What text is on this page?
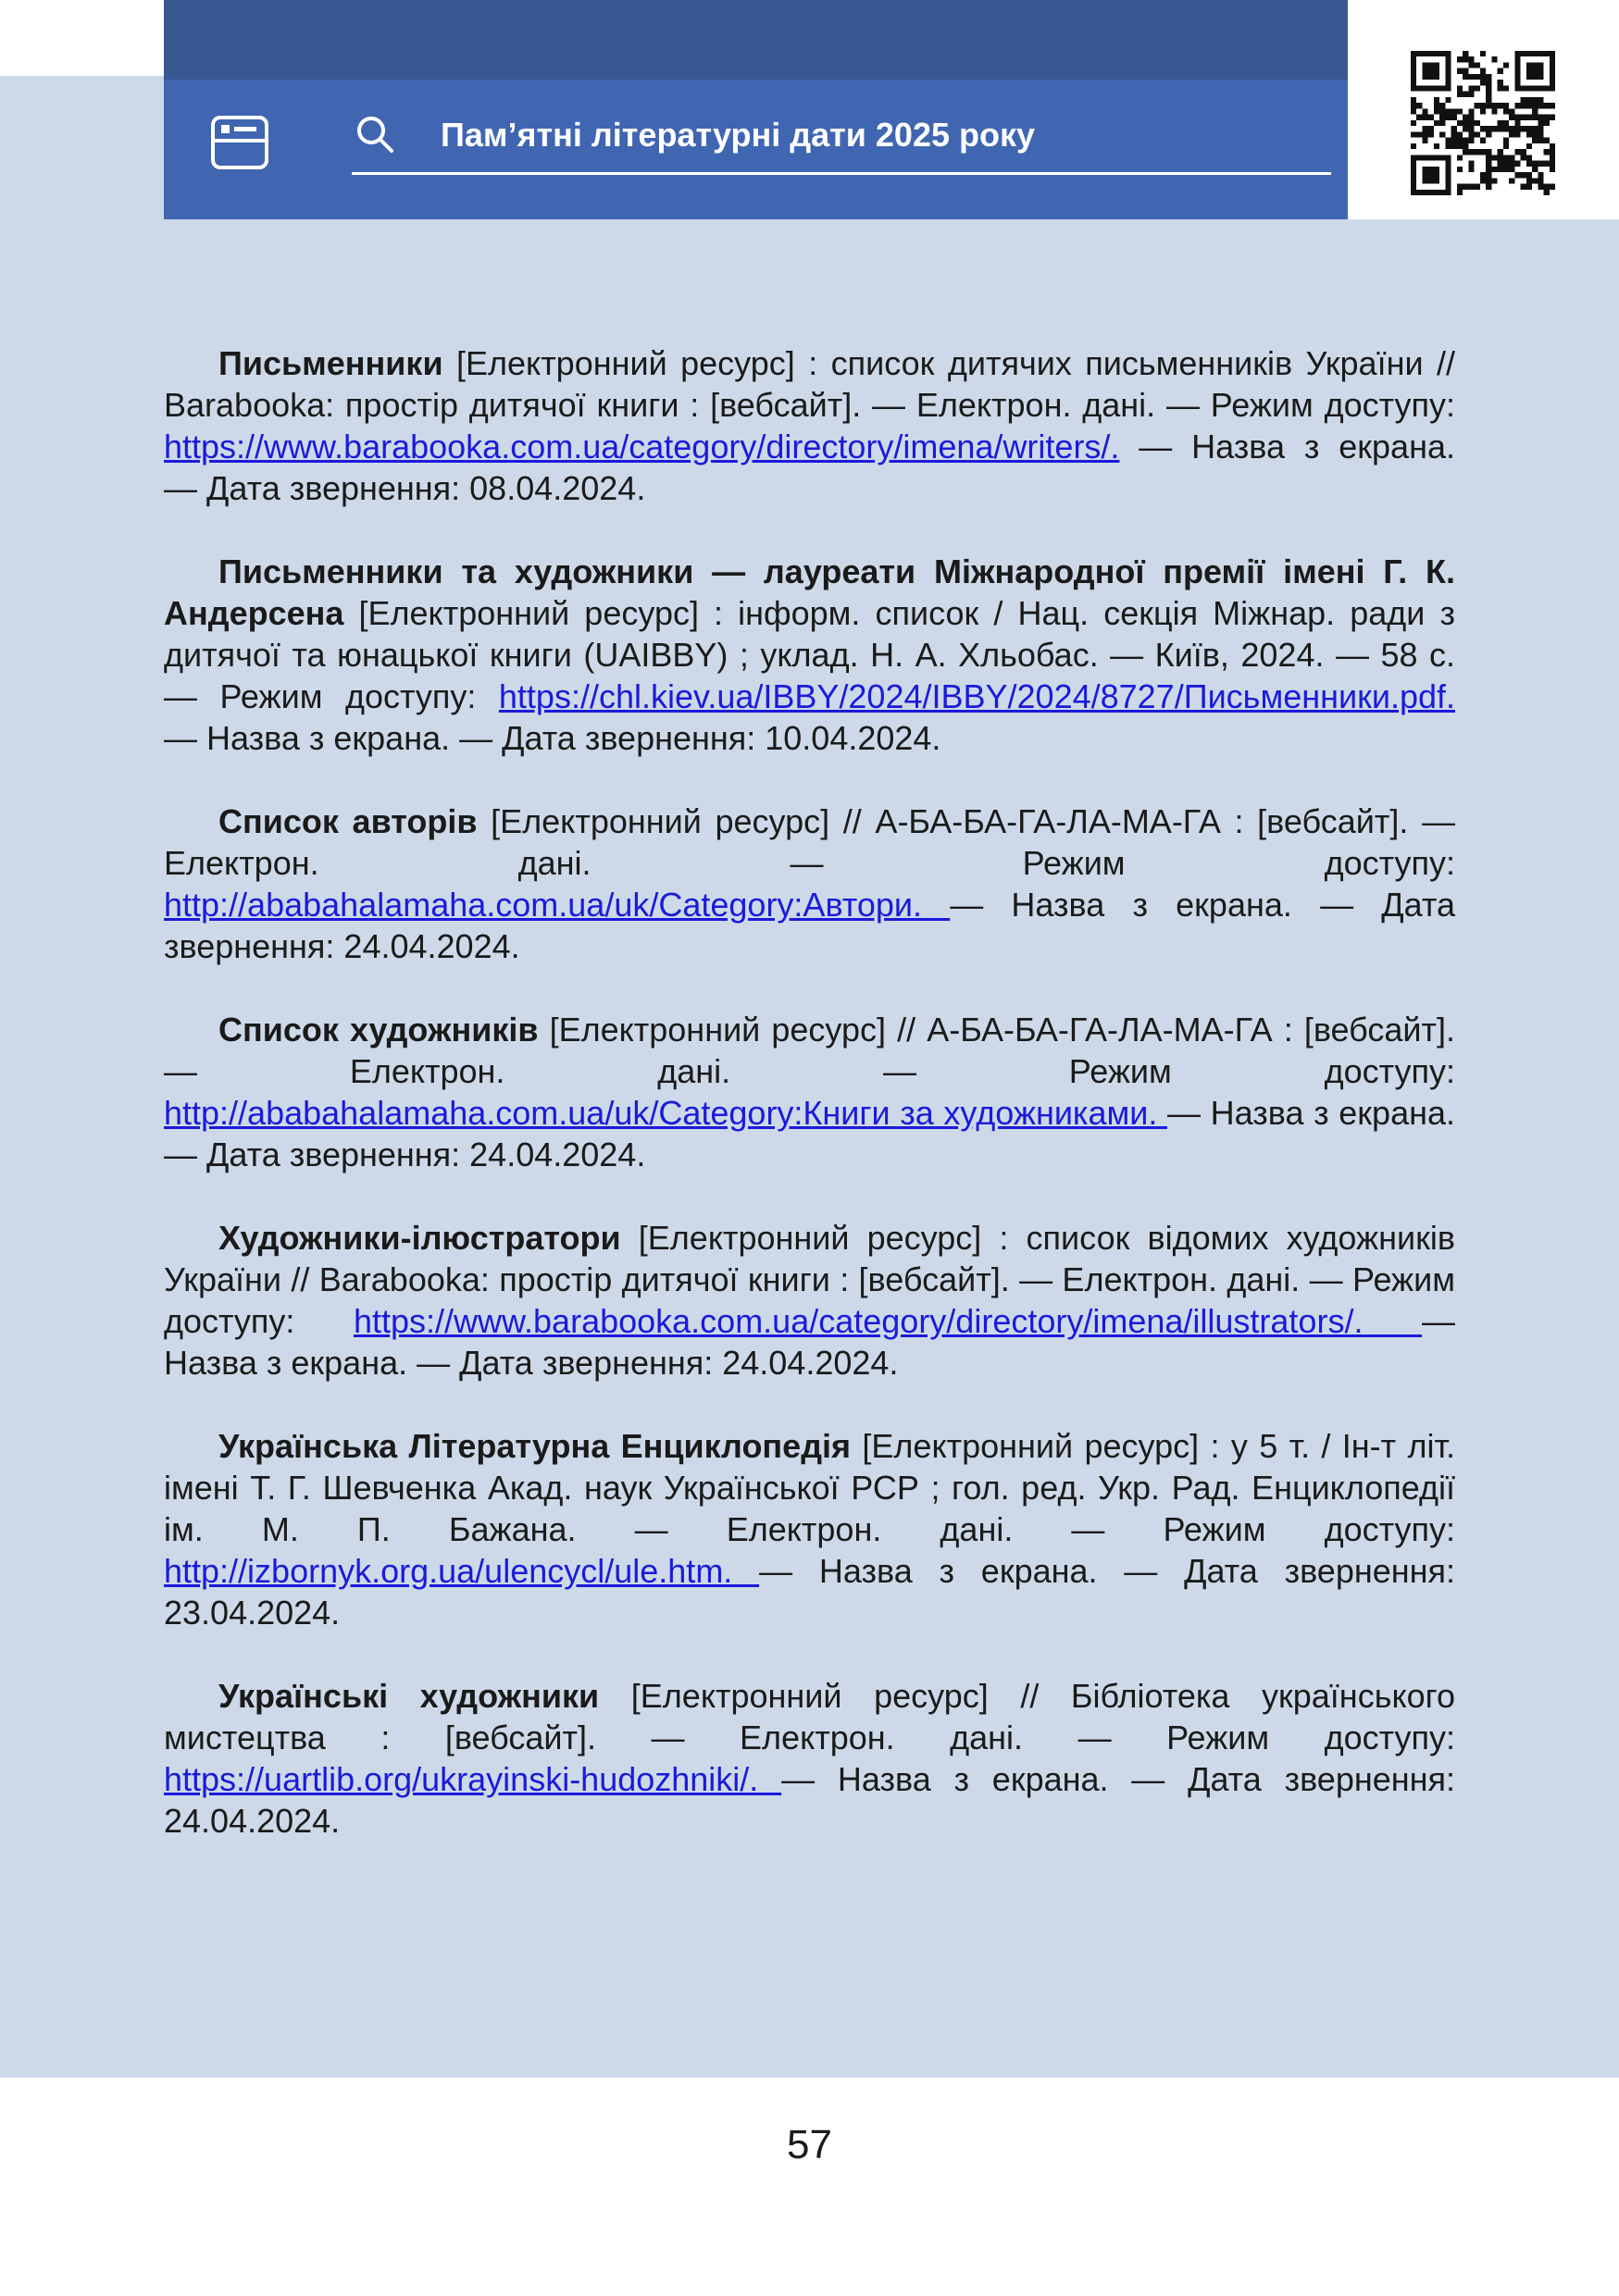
Пам’ятні літературні дати 2025 року

Письменники [Електронний ресурс] : список дитячих письменників України // Barabooka: простір дитячої книги : [вебсайт]. — Електрон. дані. — Режим доступу: https://www.barabooka.com.ua/category/directory/imena/writers/. — Назва з екрана. — Дата звернення: 08.04.2024.

Письменники та художники — лауреати Міжнародної премії імені Г. К. Андерсена [Електронний ресурс] : інформ. список / Нац. секція Міжнар. ради з дитячої та юнацької книги (UAIBBY) ; уклад. Н. А. Хльобас. — Київ, 2024. — 58 с. — Режим доступу: https://chl.kiev.ua/IBBY/2024/IBBY/2024/8727/Письменники.pdf. — Назва з екрана. — Дата звернення: 10.04.2024.

Список авторів [Електронний ресурс] // А-БА-БА-ГА-ЛА-МА-ГА : [вебсайт]. — Електрон. дані. — Режим доступу: http://ababahalamaha.com.ua/uk/Category:Автори. — Назва з екрана. — Дата звернення: 24.04.2024.

Список художників [Електронний ресурс] // А-БА-БА-ГА-ЛА-МА-ГА : [вебсайт]. — Електрон. дані. — Режим доступу: http://ababahalamaha.com.ua/uk/Category:Книги за художниками. — Назва з екрана. — Дата звернення: 24.04.2024.

Художники-ілюстратори [Електронний ресурс] : список відомих художників України // Barabooka: простір дитячої книги : [вебсайт]. — Електрон. дані. — Режим доступу: https://www.barabooka.com.ua/category/directory/imena/illustrators/. — Назва з екрана. — Дата звернення: 24.04.2024.

Українська Літературна Енциклопедія [Електронний ресурс] : у 5 т. / Ін-т літ. імені Т. Г. Шевченка Акад. наук Української РСР ; гол. ред. Укр. Рад. Енциклопедії ім. М. П. Бажана. — Електрон. дані. — Режим доступу: http://izbornyk.org.ua/ulencycl/ule.htm. — Назва з екрана. — Дата звернення: 23.04.2024.

Українські художники [Електронний ресурс] // Бібліотека українського мистецтва : [вебсайт]. — Електрон. дані. — Режим доступу: https://uartlib.org/ukrayinski-hudozhniki/. — Назва з екрана. — Дата звернення: 24.04.2024.

57
